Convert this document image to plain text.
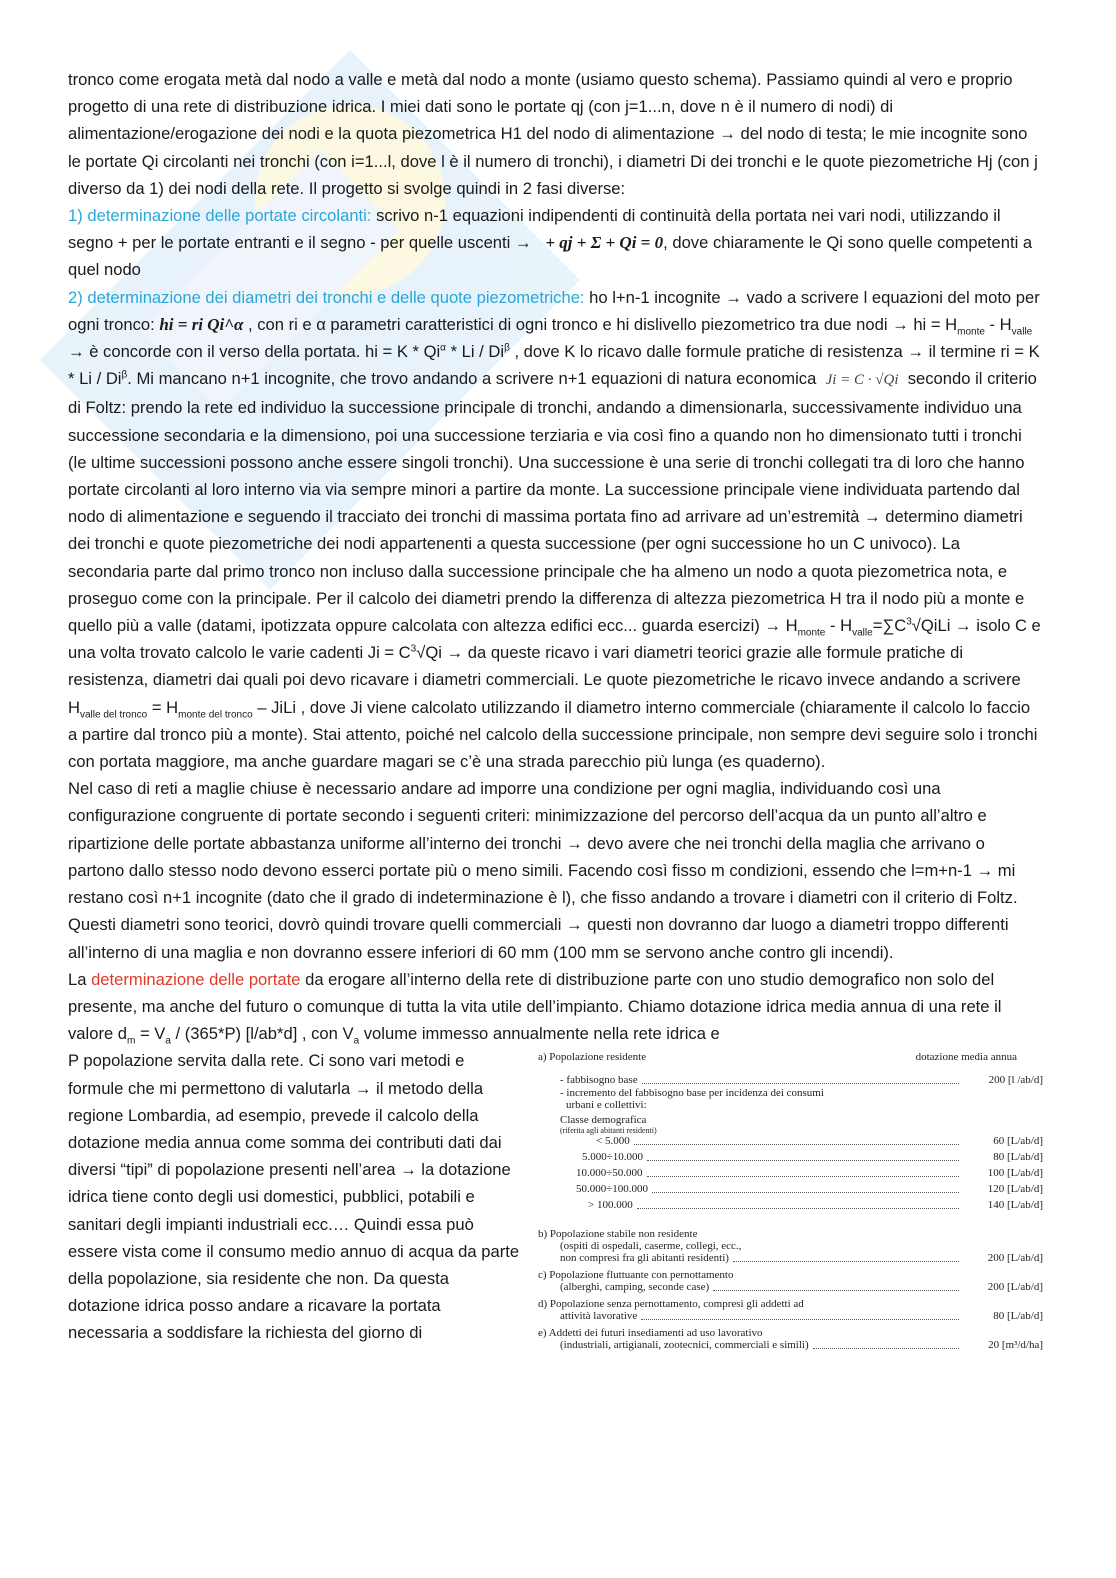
tronco come erogata metà dal nodo a valle e metà dal nodo a monte (usiamo questo schema). Passiamo quindi al vero e proprio progetto di una rete di distribuzione idrica. I miei dati sono le portate qj (con j=1...n, dove n è il numero di nodi) di alimentazione/erogazione dei nodi e la quota piezometrica H1 del nodo di alimentazione → del nodo di testa; le mie incognite sono le portate Qi circolanti nei tronchi (con i=1...l, dove l è il numero di tronchi), i diametri Di dei tronchi e le quote piezometriche Hj (con j diverso da 1) dei nodi della rete. Il progetto si svolge quindi in 2 fasi diverse:

1) determinazione delle portate circolanti: scrivo n-1 equazioni indipendenti di continuità della portata nei vari nodi, utilizzando il segno + per le portate entranti e il segno - per quelle uscenti → + qj + Σ + Qi = 0, dove chiaramente le Qi sono quelle competenti a quel nodo

2) determinazione dei diametri dei tronchi e delle quote piezometriche: ho l+n-1 incognite → vado a scrivere l equazioni del moto per ogni tronco: hi = ri Qi^α , con ri e α parametri caratteristici di ogni tronco e hi dislivello piezometrico tra due nodi → hi = $H_{monte} - H_{valle}$ → è concorde con il verso della portata. hi = K * $Qi^\alpha$ * Li / $Di^\beta$ , dove K lo ricavo dalle formule pratiche di resistenza → il termine ri = K * Li / $Di^\beta$. Mi mancano n+1 incognite, che trovo andando a scrivere n+1 equazioni di natura economica  Ji = C · √Qi  secondo il criterio di Foltz: prendo la rete ed individuo la successione principale di tronchi, andando a dimensionarla, successivamente individuo una successione secondaria e la dimensiono, poi una successione terziaria e via così fino a quando non ho dimensionato tutti i tronchi (le ultime successioni possono anche essere singoli tronchi). Una successione è una serie di tronchi collegati tra di loro che hanno portate circolanti al loro interno via via sempre minori a partire da monte. La successione principale viene individuata partendo dal nodo di alimentazione e seguendo il tracciato dei tronchi di massima portata fino ad arrivare ad un’estremità → determino diametri dei tronchi e quote piezometriche dei nodi appartenenti a questa successione (per ogni successione ho un C univoco). La secondaria parte dal primo tronco non incluso dalla successione principale che ha almeno un nodo a quota piezometrica nota, e proseguo come con la principale. Per il calcolo dei diametri prendo la differenza di altezza piezometrica H tra il nodo più a monte e quello più a valle (datami, ipotizzata oppure calcolata con altezza edifici ecc... guarda esercizi) → $H_{monte}$ - $H_{valle}=\sum C^3√QiLi$ → isolo C e una volta trovato calcolo le varie cadenti $Ji = C^3√Qi$ → da queste ricavo i vari diametri teorici grazie alle formule pratiche di resistenza, diametri dai quali poi devo ricavare i diametri commerciali. Le quote piezometriche le ricavo invece andando a scrivere $H_{valle del tronco} = H_{monte del tronco}$ – JiLi , dove Ji viene calcolato utilizzando il diametro interno commerciale (chiaramente il calcolo lo faccio a partire dal tronco più a monte). Stai attento, poiché nel calcolo della successione principale, non sempre devi seguire solo i tronchi con portata maggiore, ma anche guardare magari se c’è una strada parecchio più lunga (es quaderno).

Nel caso di reti a maglie chiuse è necessario andare ad imporre una condizione per ogni maglia, individuando così una configurazione congruente di portate secondo i seguenti criteri: minimizzazione del percorso dell’acqua da un punto all’altro e ripartizione delle portate abbastanza uniforme all’interno dei tronchi → devo avere che nei tronchi della maglia che arrivano o partono dallo stesso nodo devono esserci portate più o meno simili. Facendo così fisso m condizioni, essendo che l=m+n-1 → mi restano così n+1 incognite (dato che il grado di indeterminazione è l), che fisso andando a trovare i diametri con il criterio di Foltz. Questi diametri sono teorici, dovrò quindi trovare quelli commerciali → questi non dovranno dar luogo a diametri troppo differenti all’interno di una maglia e non dovranno essere inferiori di 60 mm (100 mm se servono anche contro gli incendi).

La determinazione delle portate da erogare all’interno della rete di distribuzione parte con uno studio demografico non solo del presente, ma anche del futuro o comunque di tutta la vita utile dell’impianto. Chiamo dotazione idrica media annua di una rete il valore $d_m = V_a / (365*P)$ [l/ab*d] , con $V_a$ volume immesso annualmente nella rete idrica e

P popolazione servita dalla rete. Ci sono vari metodi e formule che mi permettono di valutarla → il metodo della regione Lombardia, ad esempio, prevede il calcolo della dotazione media annua come somma dei contributi dati dai diversi “tipi” di popolazione presenti nell’area → la dotazione idrica tiene conto degli usi domestici, pubblici, potabili e sanitari degli impianti industriali ecc.… Quindi essa può essere vista come il consumo medio annuo di acqua da parte della popolazione, sia residente che non. Da questa dotazione idrica posso andare a ricavare la portata necessaria a soddisfare la richiesta del giorno di

a) Popolazione residente	dotazione media annua
- fabbisogno base	200 [l /ab/d]
- incremento del fabbisogno base per incidenza dei consumi
urbani e collettivi:
Classe demografica
(riferita agli abitanti residenti)
< 5.000	60 [L/ab/d]
5.000÷10.000	80 [L/ab/d]
10.000÷50.000	100 [L/ab/d]
50.000÷100.000	120 [L/ab/d]
> 100.000	140 [L/ab/d]
b) Popolazione stabile non residente
(ospiti di ospedali, caserme, collegi, ecc.,
non compresi fra gli abitanti residenti)	200 [L/ab/d]
c) Popolazione fluttuante con pernottamento
(alberghi, camping, seconde case)	200 [L/ab/d]
d) Popolazione senza pernottamento, compresi gli addetti ad
attività lavorative	80 [L/ab/d]
e) Addetti dei futuri insediamenti ad uso lavorativo
(industriali, artigianali, zootecnici, commerciali e simili)	20 [m³/d/ha]
